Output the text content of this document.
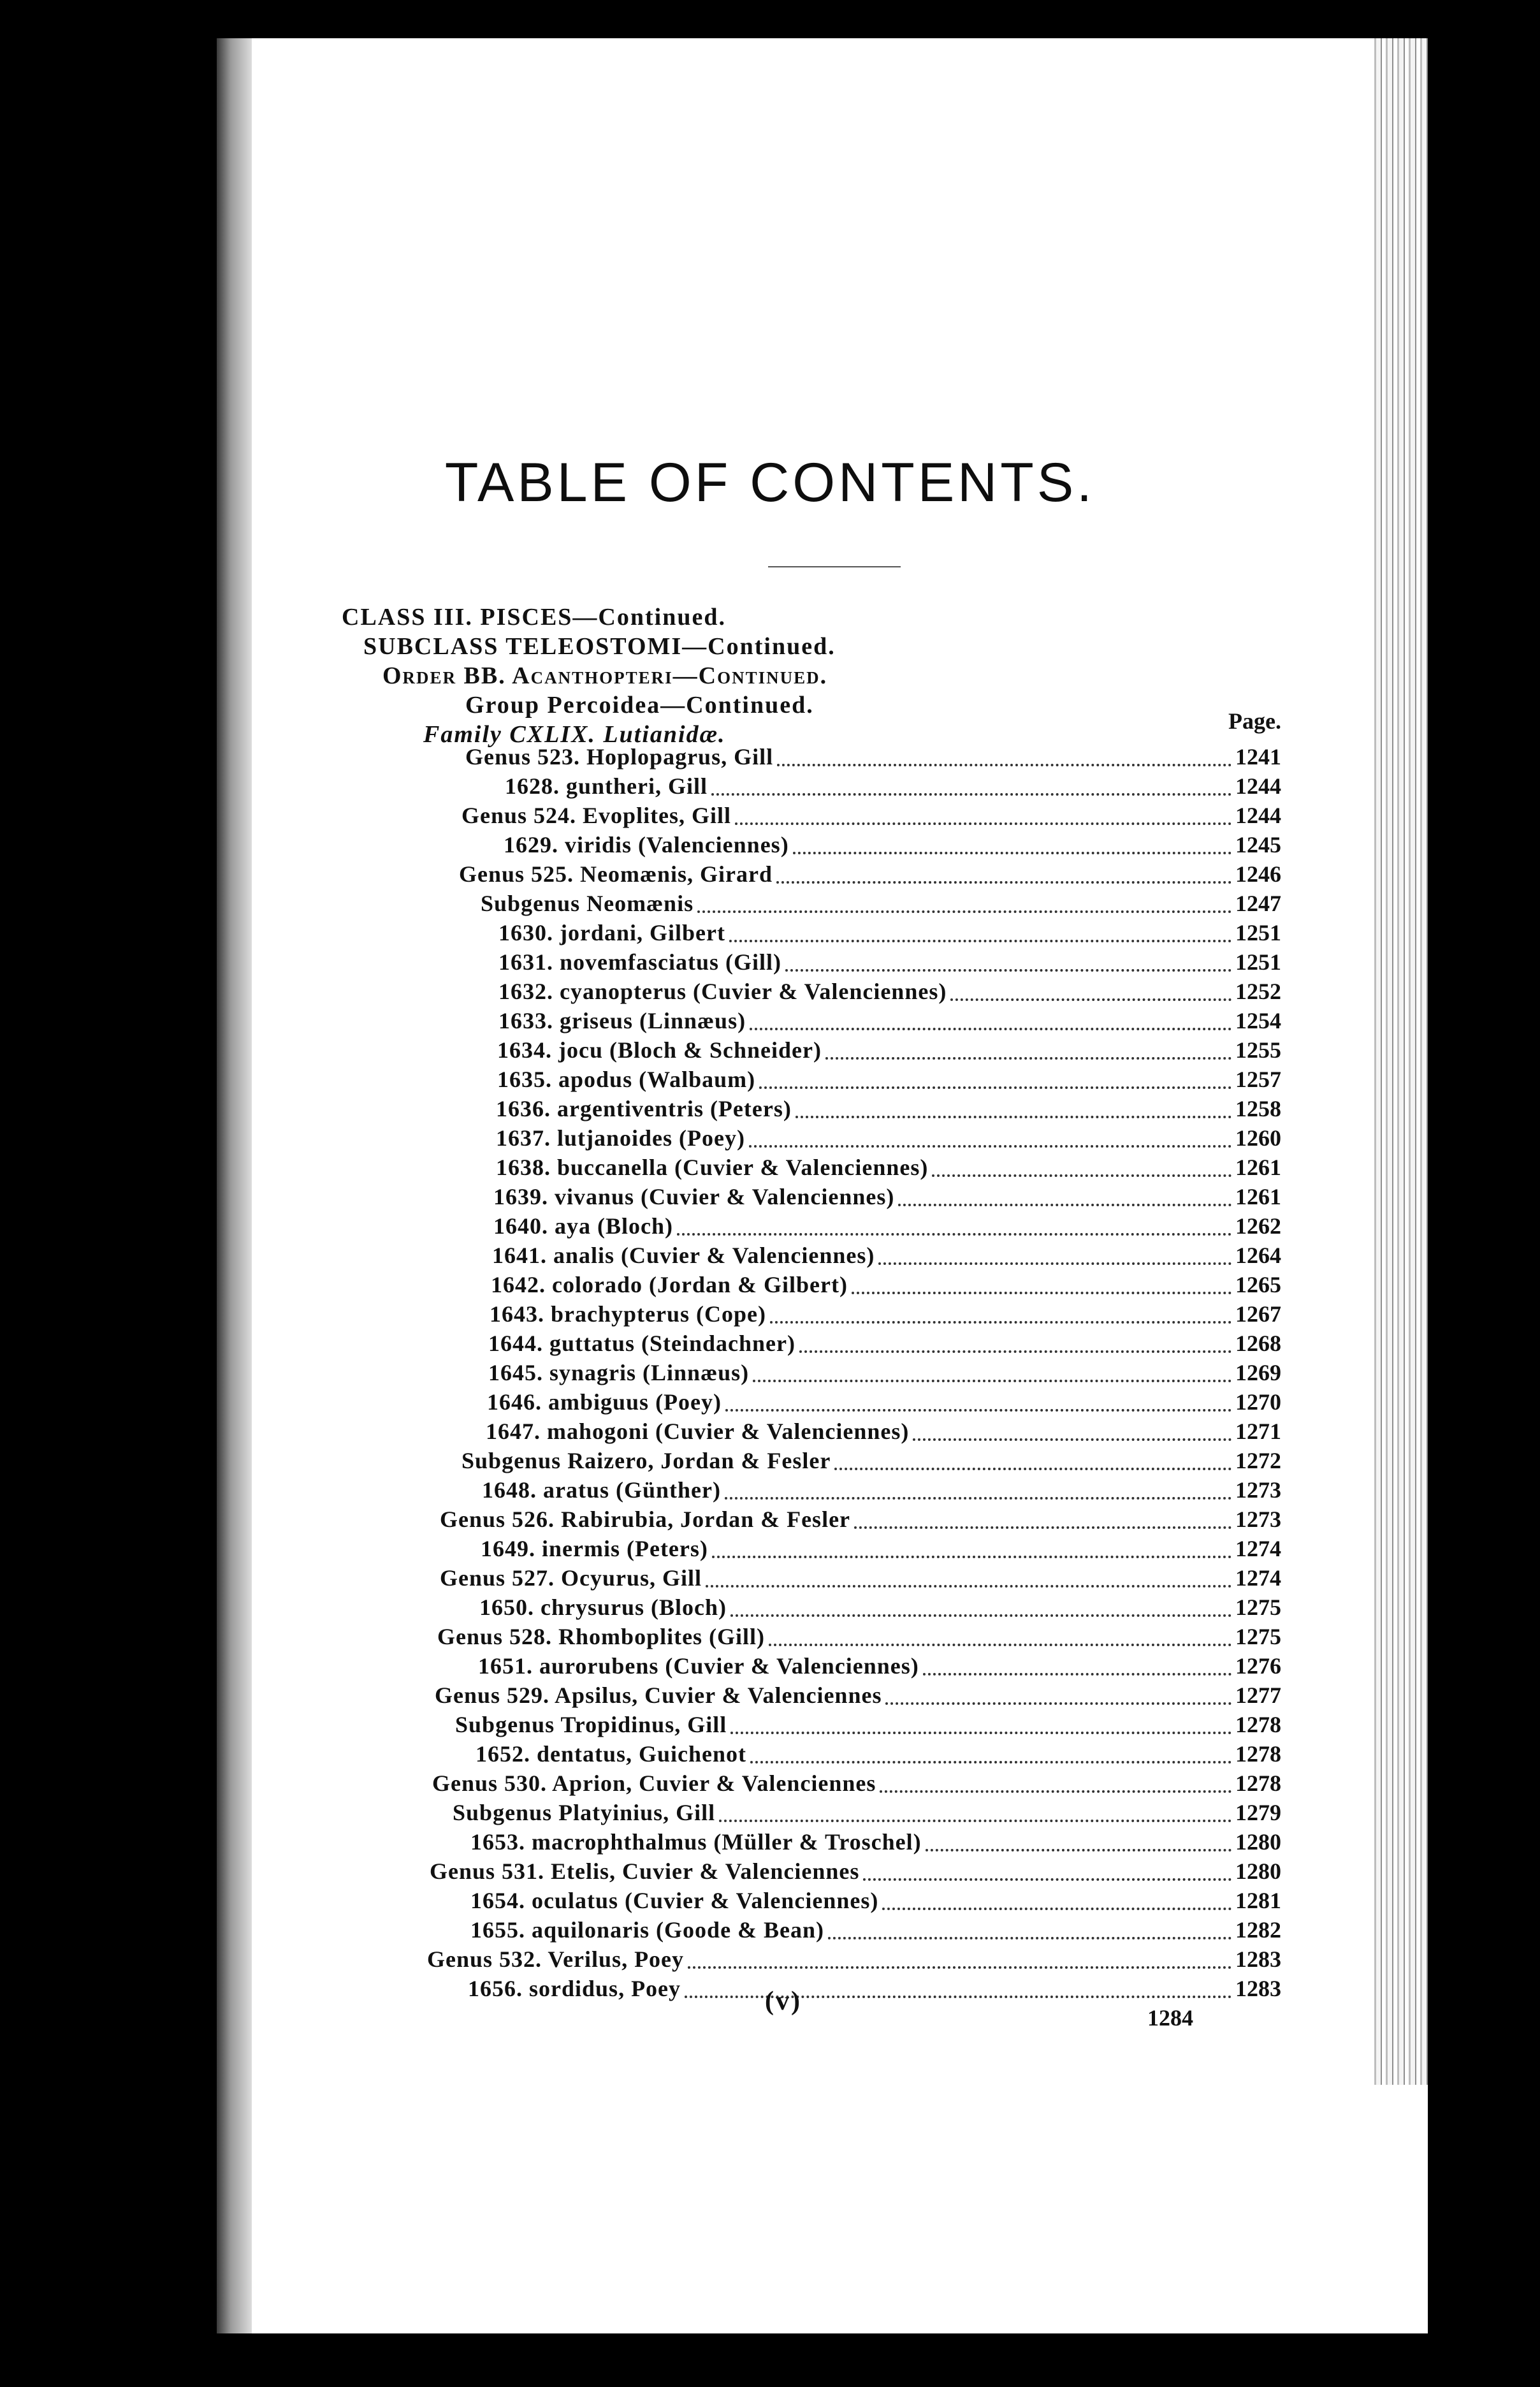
TABLE OF CONTENTS.
CLASS III. PISCES—Continued.
SUBCLASS TELEOSTOMI—Continued.
Order BB. Acanthopteri—Continued.
Group Percoidea—Continued.
Family CXLIX. Lutianidæ.	Page.
Genus 523. Hoplopagrus, Gill	1241
1628. guntheri, Gill	1244
Genus 524. Evoplites, Gill	1244
1629. viridis (Valenciennes)	1245
Genus 525. Neomænis, Girard	1246
Subgenus Neomænis	1247
1630. jordani, Gilbert	1251
1631. novemfasciatus (Gill)	1251
1632. cyanopterus (Cuvier & Valenciennes)	1252
1633. griseus (Linnæus)	1254
1634. jocu (Bloch & Schneider)	1255
1635. apodus (Walbaum)	1257
1636. argentiventris (Peters)	1258
1637. lutjanoides (Poey)	1260
1638. buccanella (Cuvier & Valenciennes)	1261
1639. vivanus (Cuvier & Valenciennes)	1261
1640. aya (Bloch)	1262
1641. analis (Cuvier & Valenciennes)	1264
1642. colorado (Jordan & Gilbert)	1265
1643. brachypterus (Cope)	1267
1644. guttatus (Steindachner)	1268
1645. synagris (Linnæus)	1269
1646. ambiguus (Poey)	1270
1647. mahogoni (Cuvier & Valenciennes)	1271
Subgenus Raizero, Jordan & Fesler	1272
1648. aratus (Günther)	1273
Genus 526. Rabirubia, Jordan & Fesler	1273
1649. inermis (Peters)	1274
Genus 527. Ocyurus, Gill	1274
1650. chrysurus (Bloch)	1275
Genus 528. Rhomboplites (Gill)	1275
1651. aurorubens (Cuvier & Valenciennes)	1276
Genus 529. Apsilus, Cuvier & Valenciennes	1277
Subgenus Tropidinus, Gill	1278
1652. dentatus, Guichenot	1278
Genus 530. Aprion, Cuvier & Valenciennes	1278
Subgenus Platyinius, Gill	1279
1653. macrophthalmus (Müller & Troschel)	1280
Genus 531. Etelis, Cuvier & Valenciennes	1280
1654. oculatus (Cuvier & Valenciennes)	1281
1655. aquilonaris (Goode & Bean)	1282
Genus 532. Verilus, Poey	1283
1656. sordidus, Poey	1283
1284
(v)
